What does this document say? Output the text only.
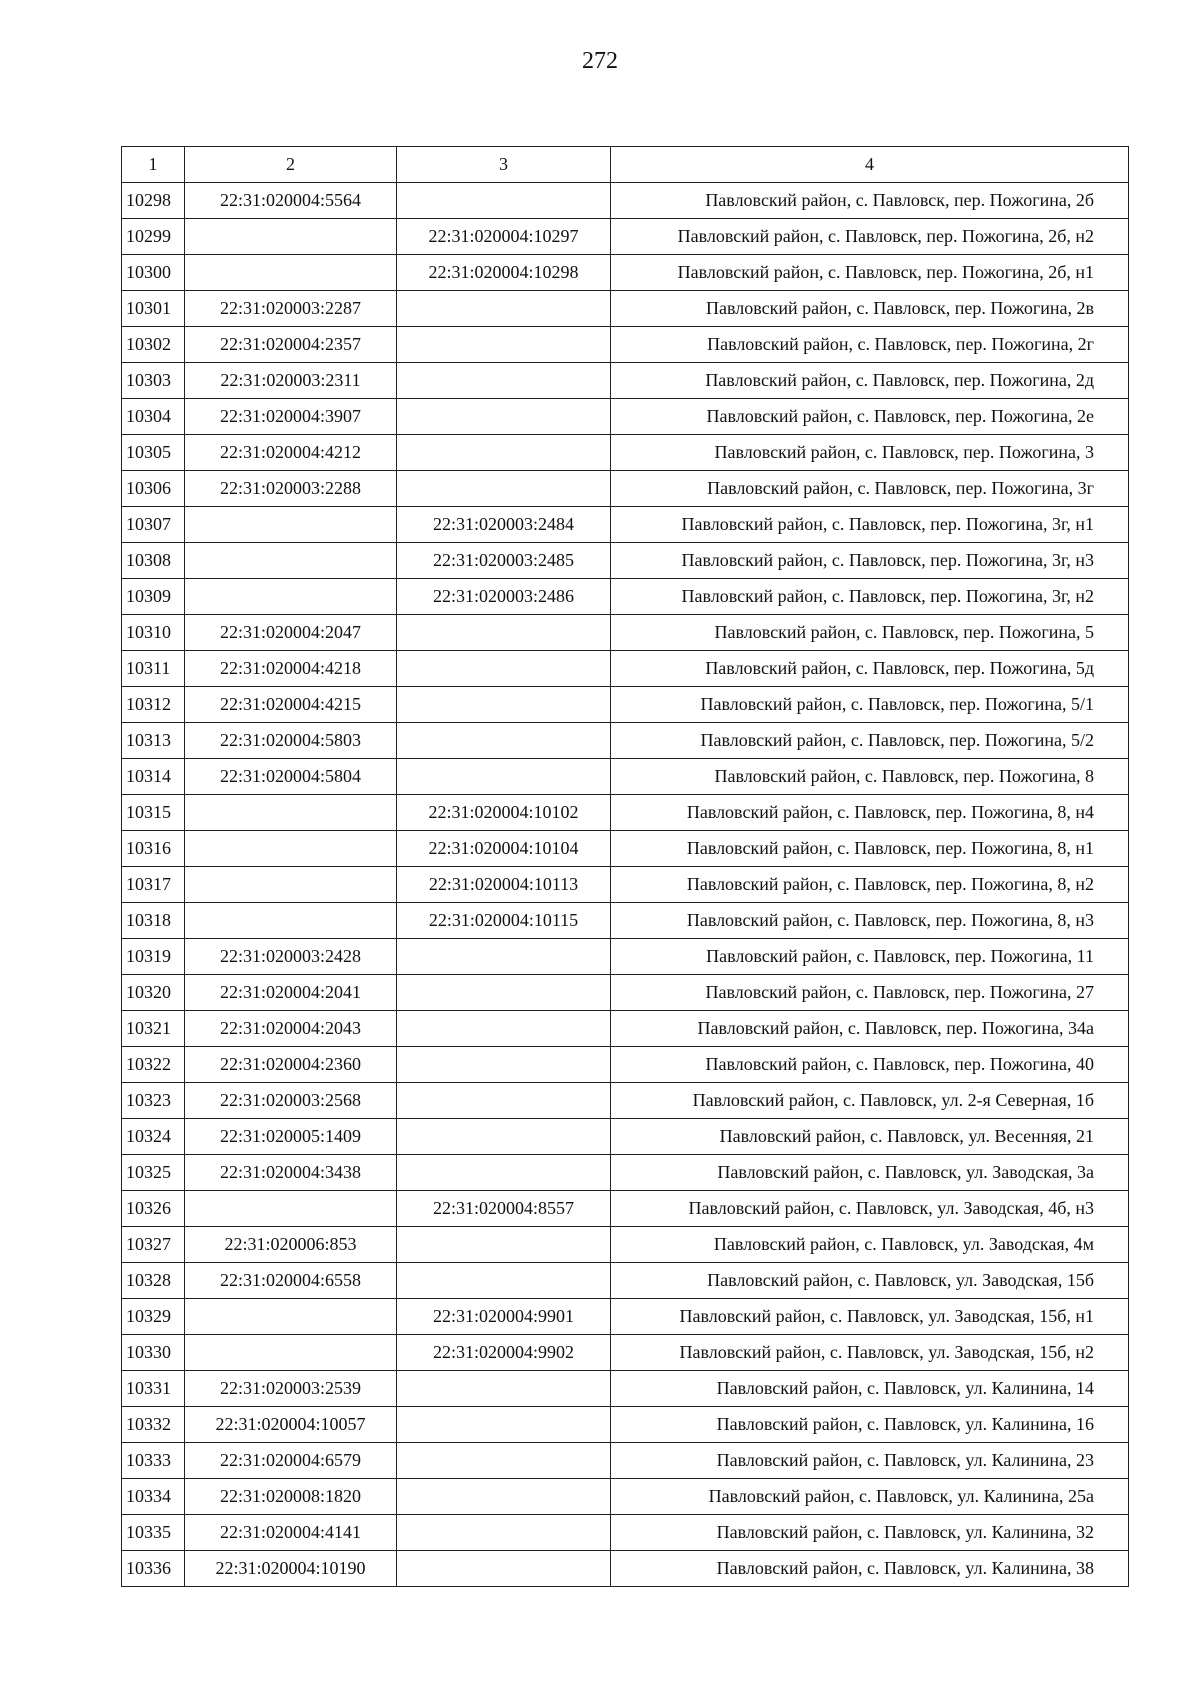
272
1	2	3	4
10298	22:31:020004:5564		Павловский район, с. Павловск, пер. Пожогина, 2б
10299		22:31:020004:10297	Павловский район, с. Павловск, пер. Пожогина, 2б, н2
10300		22:31:020004:10298	Павловский район, с. Павловск, пер. Пожогина, 2б, н1
10301	22:31:020003:2287		Павловский район, с. Павловск, пер. Пожогина, 2в
10302	22:31:020004:2357		Павловский район, с. Павловск, пер. Пожогина, 2г
10303	22:31:020003:2311		Павловский район, с. Павловск, пер. Пожогина, 2д
10304	22:31:020004:3907		Павловский район, с. Павловск, пер. Пожогина, 2е
10305	22:31:020004:4212		Павловский район, с. Павловск, пер. Пожогина, 3
10306	22:31:020003:2288		Павловский район, с. Павловск, пер. Пожогина, 3г
10307		22:31:020003:2484	Павловский район, с. Павловск, пер. Пожогина, 3г, н1
10308		22:31:020003:2485	Павловский район, с. Павловск, пер. Пожогина, 3г, н3
10309		22:31:020003:2486	Павловский район, с. Павловск, пер. Пожогина, 3г, н2
10310	22:31:020004:2047		Павловский район, с. Павловск, пер. Пожогина, 5
10311	22:31:020004:4218		Павловский район, с. Павловск, пер. Пожогина, 5д
10312	22:31:020004:4215		Павловский район, с. Павловск, пер. Пожогина, 5/1
10313	22:31:020004:5803		Павловский район, с. Павловск, пер. Пожогина, 5/2
10314	22:31:020004:5804		Павловский район, с. Павловск, пер. Пожогина, 8
10315		22:31:020004:10102	Павловский район, с. Павловск, пер. Пожогина, 8, н4
10316		22:31:020004:10104	Павловский район, с. Павловск, пер. Пожогина, 8, н1
10317		22:31:020004:10113	Павловский район, с. Павловск, пер. Пожогина, 8, н2
10318		22:31:020004:10115	Павловский район, с. Павловск, пер. Пожогина, 8, н3
10319	22:31:020003:2428		Павловский район, с. Павловск, пер. Пожогина, 11
10320	22:31:020004:2041		Павловский район, с. Павловск, пер. Пожогина, 27
10321	22:31:020004:2043		Павловский район, с. Павловск, пер. Пожогина, 34а
10322	22:31:020004:2360		Павловский район, с. Павловск, пер. Пожогина, 40
10323	22:31:020003:2568		Павловский район, с. Павловск, ул. 2-я Северная, 1б
10324	22:31:020005:1409		Павловский район, с. Павловск, ул. Весенняя, 21
10325	22:31:020004:3438		Павловский район, с. Павловск, ул. Заводская, 3а
10326		22:31:020004:8557	Павловский район, с. Павловск, ул. Заводская, 4б, н3
10327	22:31:020006:853		Павловский район, с. Павловск, ул. Заводская, 4м
10328	22:31:020004:6558		Павловский район, с. Павловск, ул. Заводская, 15б
10329		22:31:020004:9901	Павловский район, с. Павловск, ул. Заводская, 15б, н1
10330		22:31:020004:9902	Павловский район, с. Павловск, ул. Заводская, 15б, н2
10331	22:31:020003:2539		Павловский район, с. Павловск, ул. Калинина, 14
10332	22:31:020004:10057		Павловский район, с. Павловск, ул. Калинина, 16
10333	22:31:020004:6579		Павловский район, с. Павловск, ул. Калинина, 23
10334	22:31:020008:1820		Павловский район, с. Павловск, ул. Калинина, 25а
10335	22:31:020004:4141		Павловский район, с. Павловск, ул. Калинина, 32
10336	22:31:020004:10190		Павловский район, с. Павловск, ул. Калинина, 38
